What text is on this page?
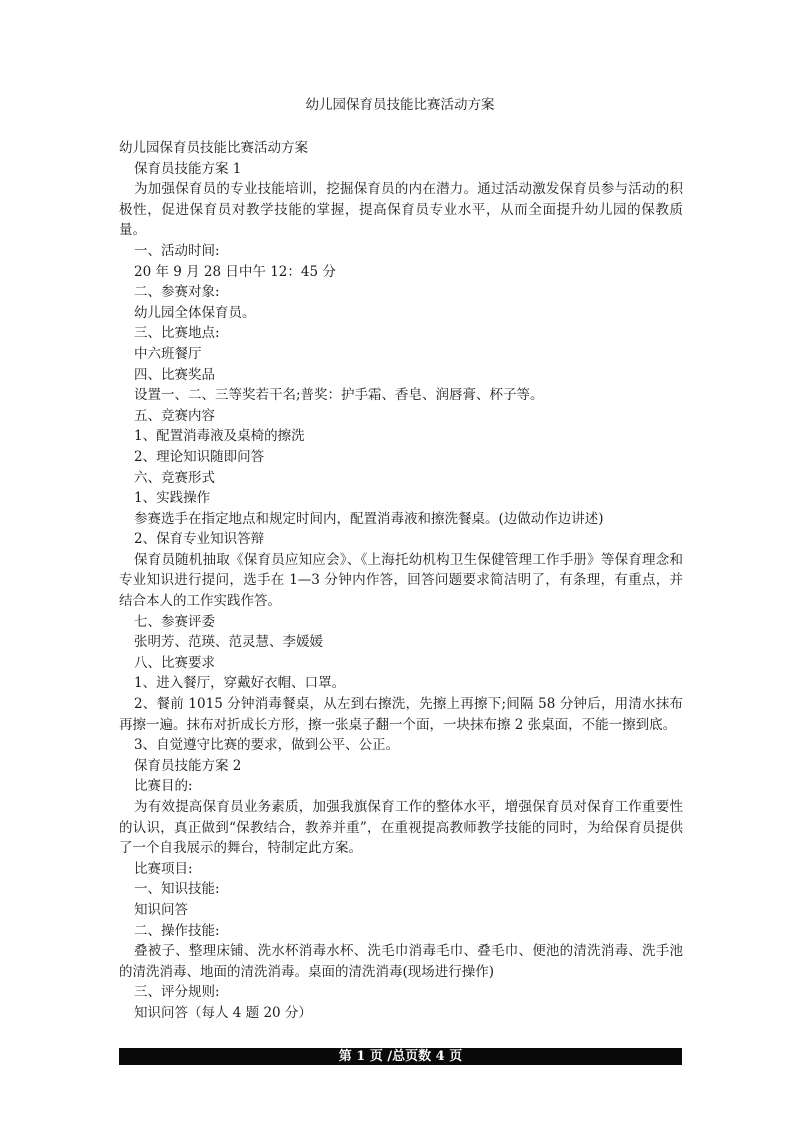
幼儿园保育员技能比赛活动方案

幼儿园保育员技能比赛活动方案

保育员技能方案 1

为加强保育员的专业技能培训，挖掘保育员的内在潜力。通过活动激发保育员参与活动的积极性，促进保育员对教学技能的掌握，提高保育员专业水平，从而全面提升幼儿园的保教质量。

一、活动时间:

20 年 9 月 28 日中午 12：45 分

二、参赛对象:

幼儿园全体保育员。

三、比赛地点:

中六班餐厅

四、比赛奖品

设置一、二、三等奖若干名;普奖：护手霜、香皂、润唇膏、杯子等。

五、竞赛内容

1、配置消毒液及桌椅的擦洗

2、理论知识随即问答

六、竞赛形式

1、实践操作

参赛选手在指定地点和规定时间内，配置消毒液和擦洗餐桌。(边做动作边讲述)

2、保育专业知识答辩

保育员随机抽取《保育员应知应会》、《上海托幼机构卫生保健管理工作手册》等保育理念和专业知识进行提问，选手在 1—3 分钟内作答，回答问题要求简洁明了，有条理，有重点，并结合本人的工作实践作答。

七、参赛评委

张明芳、范瑛、范灵慧、李媛媛

八、比赛要求

1、进入餐厅，穿戴好衣帽、口罩。

2、餐前 1015 分钟消毒餐桌，从左到右擦洗，先擦上再擦下;间隔 58 分钟后，用清水抹布再擦一遍。抹布对折成长方形，擦一张桌子翻一个面，一块抹布擦 2 张桌面，不能一擦到底。

3、自觉遵守比赛的要求，做到公平、公正。

保育员技能方案 2

比赛目的:

为有效提高保育员业务素质，加强我旗保育工作的整体水平，增强保育员对保育工作重要性的认识，真正做到“保教结合，教养并重”，在重视提高教师教学技能的同时，为给保育员提供了一个自我展示的舞台，特制定此方案。

比赛项目:

一、知识技能:

知识问答

二、操作技能:

叠被子、整理床铺、洗水杯消毒水杯、洗毛巾消毒毛巾、叠毛巾、便池的清洗消毒、洗手池的清洗消毒、地面的清洗消毒。桌面的清洗消毒(现场进行操作)

三、评分规则:

知识问答（每人 4 题 20 分）

第 1 页 /总页数 4 页
